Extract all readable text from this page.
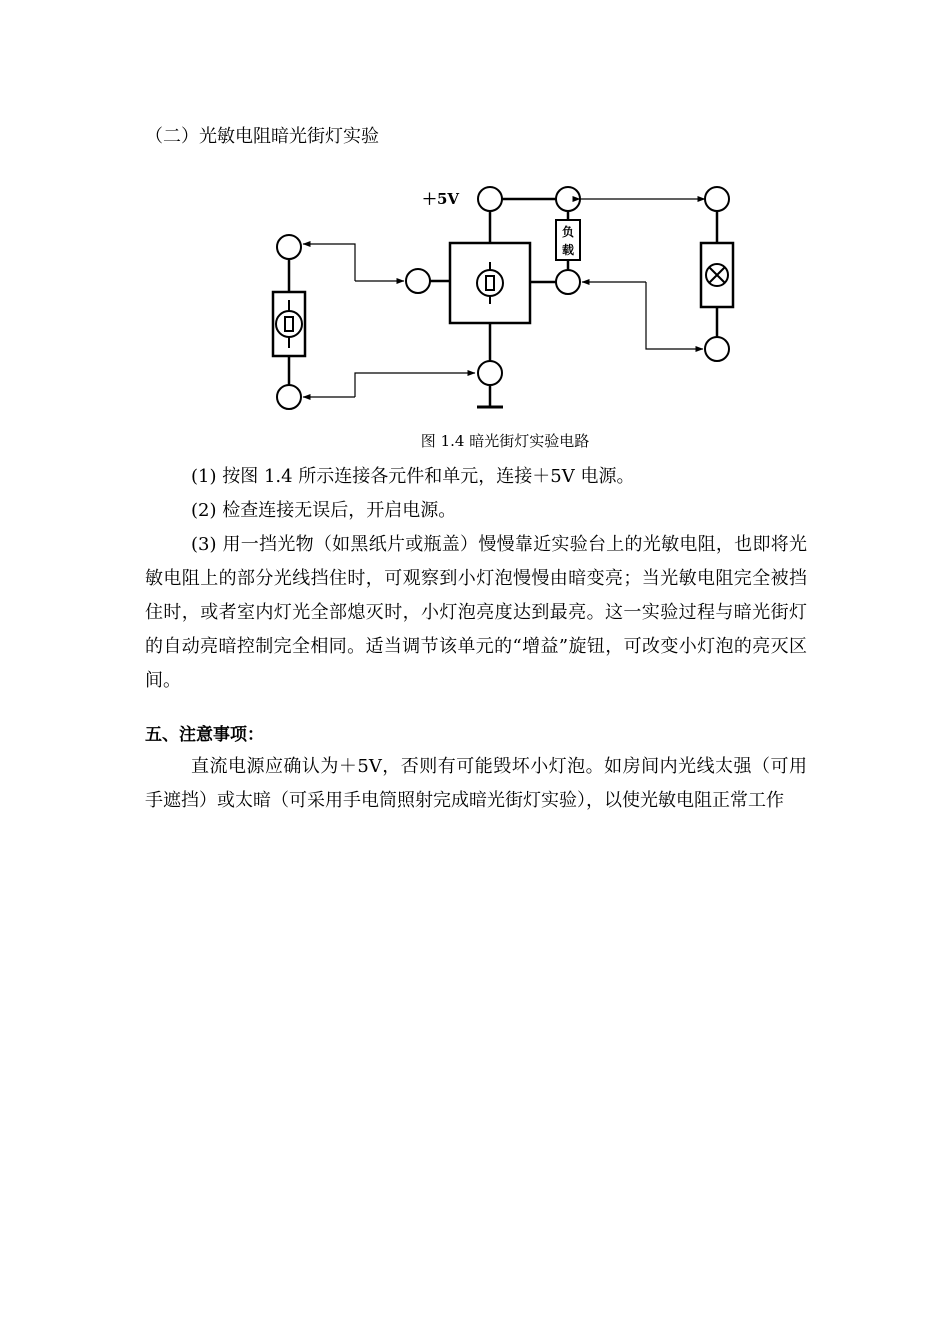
（二）光敏电阻暗光街灯实验
＋5V
负
载
图 1.4 暗光街灯实验电路
(1) 按图 1.4 所示连接各元件和单元，连接＋5V 电源。
(2) 检查连接无误后，开启电源。
(3) 用一挡光物（如黑纸片或瓶盖）慢慢靠近实验台上的光敏电阻，也即将光敏电阻上的部分光线挡住时，可观察到小灯泡慢慢由暗变亮；当光敏电阻完全被挡住时，或者室内灯光全部熄灭时，小灯泡亮度达到最亮。这一实验过程与暗光街灯的自动亮暗控制完全相同。适当调节该单元的“增益”旋钮，可改变小灯泡的亮灭区间。
五、注意事项：
直流电源应确认为＋5V，否则有可能毁坏小灯泡。如房间内光线太强（可用手遮挡）或太暗（可采用手电筒照射完成暗光街灯实验），以使光敏电阻正常工作
